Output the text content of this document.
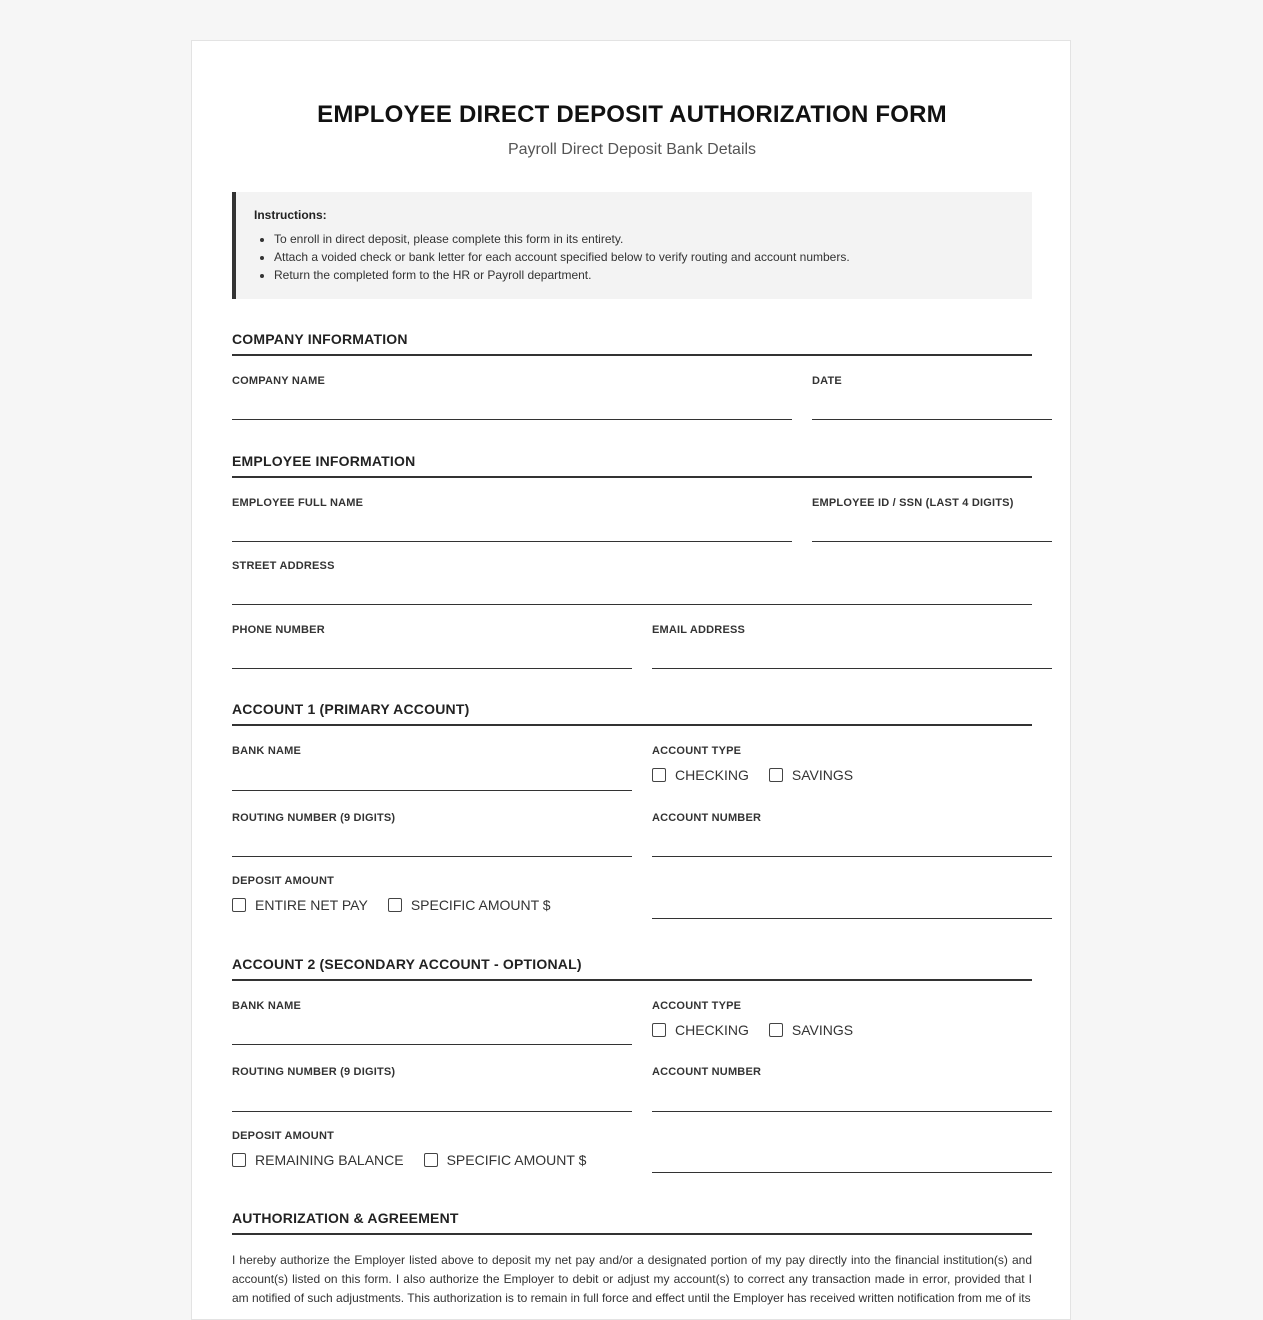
EMPLOYEE DIRECT DEPOSIT AUTHORIZATION FORM
Payroll Direct Deposit Bank Details
Instructions:
• To enroll in direct deposit, please complete this form in its entirety.
• Attach a voided check or bank letter for each account specified below to verify routing and account numbers.
• Return the completed form to the HR or Payroll department.
COMPANY INFORMATION
COMPANY NAME	DATE
EMPLOYEE INFORMATION
EMPLOYEE FULL NAME	EMPLOYEE ID / SSN (LAST 4 DIGITS)
STREET ADDRESS
PHONE NUMBER	EMAIL ADDRESS
ACCOUNT 1 (PRIMARY ACCOUNT)
BANK NAME	ACCOUNT TYPE
CHECKING	SAVINGS
ROUTING NUMBER (9 DIGITS)	ACCOUNT NUMBER
DEPOSIT AMOUNT
ENTIRE NET PAY	SPECIFIC AMOUNT $
ACCOUNT 2 (SECONDARY ACCOUNT - OPTIONAL)
BANK NAME	ACCOUNT TYPE
CHECKING	SAVINGS
ROUTING NUMBER (9 DIGITS)	ACCOUNT NUMBER
DEPOSIT AMOUNT
REMAINING BALANCE	SPECIFIC AMOUNT $
AUTHORIZATION & AGREEMENT
I hereby authorize the Employer listed above to deposit my net pay and/or a designated portion of my pay directly into the financial institution(s) and account(s) listed on this form. I also authorize the Employer to debit or adjust my account(s) to correct any transaction made in error, provided that I am notified of such adjustments. This authorization is to remain in full force and effect until the Employer has received written notification from me of its
